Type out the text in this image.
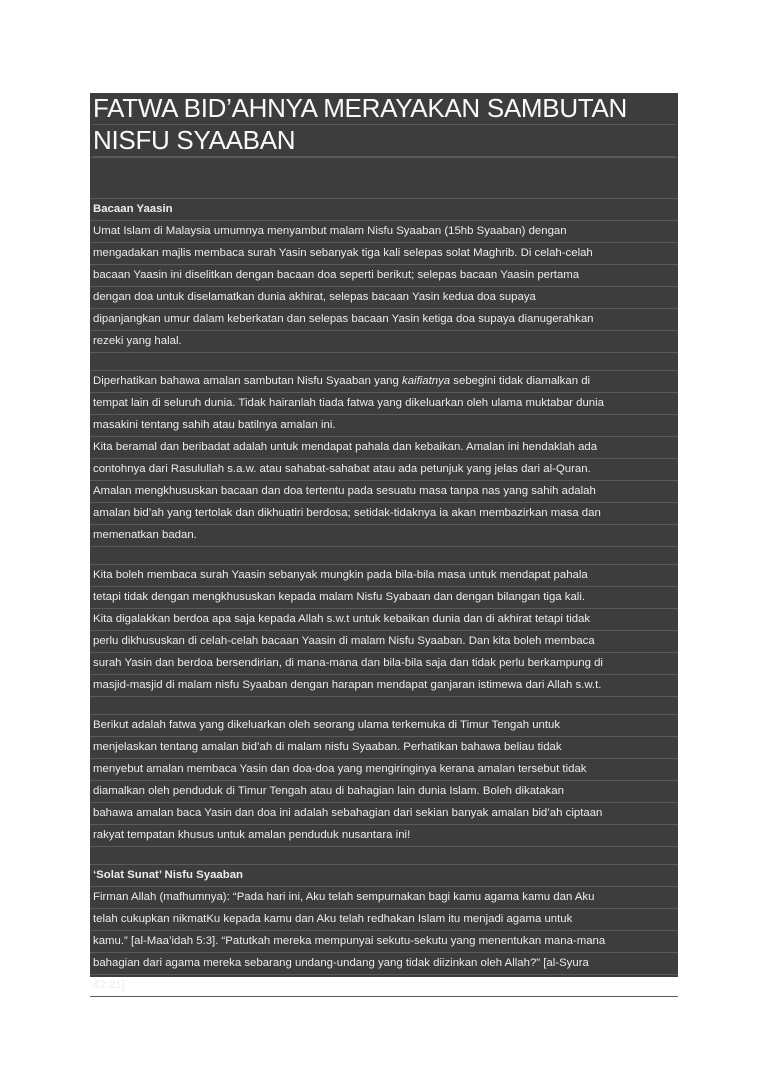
FATWA BID’AHNYA MERAYAKAN SAMBUTAN
NISFU SYAABAN
Bacaan Yaasin
Umat Islam di Malaysia umumnya menyambut malam Nisfu Syaaban (15hb Syaaban) dengan
mengadakan majlis membaca surah Yasin sebanyak tiga kali selepas solat Maghrib. Di celah-celah
bacaan Yaasin ini diselitkan dengan bacaan doa seperti berikut; selepas bacaan Yaasin pertama
dengan doa untuk diselamatkan dunia akhirat, selepas bacaan Yasin kedua doa supaya
dipanjangkan umur dalam keberkatan dan selepas bacaan Yasin ketiga doa supaya dianugerahkan
rezeki yang halal.
Diperhatikan bahawa amalan sambutan Nisfu Syaaban yang kaifiatnya sebegini tidak diamalkan di
tempat lain di seluruh dunia. Tidak hairanlah tiada fatwa yang dikeluarkan oleh ulama muktabar dunia
masakini tentang sahih atau batilnya amalan ini.
Kita beramal dan beribadat adalah untuk mendapat pahala dan kebaikan. Amalan ini hendaklah ada
contohnya dari Rasulullah s.a.w. atau sahabat-sahabat atau ada petunjuk yang jelas dari al-Quran.
Amalan mengkhususkan bacaan dan doa tertentu pada sesuatu masa tanpa nas yang sahih adalah
amalan bid’ah yang tertolak dan dikhuatiri berdosa; setidak-tidaknya ia akan membazirkan masa dan
memenatkan badan.
Kita boleh membaca surah Yaasin sebanyak mungkin pada bila-bila masa untuk mendapat pahala
tetapi tidak dengan mengkhususkan kepada malam Nisfu Syabaan dan dengan bilangan tiga kali.
Kita digalakkan berdoa apa saja kepada Allah s.w.t untuk kebaikan dunia dan di akhirat tetapi tidak
perlu dikhususkan di celah-celah bacaan Yaasin di malam Nisfu Syaaban. Dan kita boleh membaca
surah Yasin dan berdoa bersendirian, di mana-mana dan bila-bila saja dan tidak perlu berkampung di
masjid-masjid di malam nisfu Syaaban dengan harapan mendapat ganjaran istimewa dari Allah s.w.t.
Berikut adalah fatwa yang dikeluarkan oleh seorang ulama terkemuka di Timur Tengah untuk
menjelaskan tentang amalan bid’ah di malam nisfu Syaaban. Perhatikan bahawa beliau tidak
menyebut amalan membaca Yasin dan doa-doa yang mengiringinya kerana amalan tersebut tidak
diamalkan oleh penduduk di Timur Tengah atau di bahagian lain dunia Islam. Boleh dikatakan
bahawa amalan baca Yasin dan doa ini adalah sebahagian dari sekian banyak amalan bid’ah ciptaan
rakyat tempatan khusus untuk amalan penduduk nusantara ini!
‘Solat Sunat’ Nisfu Syaaban
Firman Allah (mafhumnya): “Pada hari ini, Aku telah sempurnakan bagi kamu agama kamu dan Aku
telah cukupkan nikmatKu kepada kamu dan Aku telah redhakan Islam itu menjadi agama untuk
kamu.” [al-Maa’idah 5:3]. “Patutkah mereka mempunyai sekutu-sekutu yang menentukan mana-mana
bahagian dari agama mereka sebarang undang-undang yang tidak diizinkan oleh Allah?” [al-Syura
42:21]
